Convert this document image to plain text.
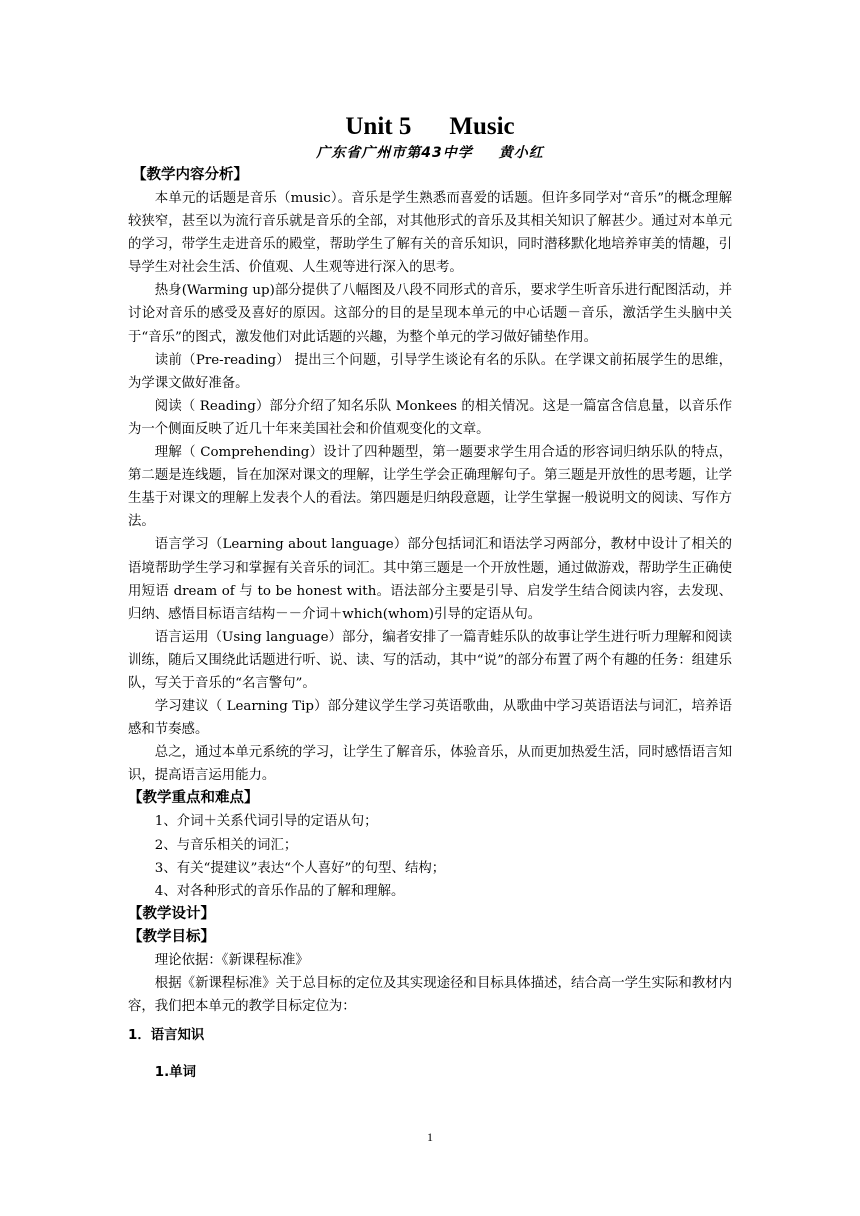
Unit 5 Music
广东省广州市第43中学 黄小红
【教学内容分析】

本单元的话题是音乐（music）。音乐是学生熟悉而喜爱的话题。但许多同学对“音乐”的概念理解较狭窄，甚至以为流行音乐就是音乐的全部，对其他形式的音乐及其相关知识了解甚少。通过对本单元的学习，带学生走进音乐的殿堂，帮助学生了解有关的音乐知识，同时潜移默化地培养审美的情趣，引导学生对社会生活、价值观、人生观等进行深入的思考。

热身(Warming up)部分提供了八幅图及八段不同形式的音乐，要求学生听音乐进行配图活动，并讨论对音乐的感受及喜好的原因。这部分的目的是呈现本单元的中心话题－音乐，激活学生头脑中关于“音乐”的图式，激发他们对此话题的兴趣，为整个单元的学习做好铺垫作用。

读前（Pre-reading） 提出三个问题，引导学生谈论有名的乐队。在学课文前拓展学生的思维，为学课文做好准备。

阅读（ Reading）部分介绍了知名乐队 Monkees 的相关情况。这是一篇富含信息量，以音乐作为一个侧面反映了近几十年来美国社会和价值观变化的文章。

理解（ Comprehending）设计了四种题型，第一题要求学生用合适的形容词归纳乐队的特点，第二题是连线题，旨在加深对课文的理解，让学生学会正确理解句子。第三题是开放性的思考题，让学生基于对课文的理解上发表个人的看法。第四题是归纳段意题，让学生掌握一般说明文的阅读、写作方法。

语言学习（Learning about language）部分包括词汇和语法学习两部分，教材中设计了相关的语境帮助学生学习和掌握有关音乐的词汇。其中第三题是一个开放性题，通过做游戏，帮助学生正确使用短语 dream of 与 to be honest with。语法部分主要是引导、启发学生结合阅读内容，去发现、归纳、感悟目标语言结构－－介词＋which(whom)引导的定语从句。

语言运用（Using language）部分，编者安排了一篇青蛙乐队的故事让学生进行听力理解和阅读训练，随后又围绕此话题进行听、说、读、写的活动，其中“说”的部分布置了两个有趣的任务：组建乐队，写关于音乐的“名言警句”。

学习建议（ Learning Tip）部分建议学生学习英语歌曲，从歌曲中学习英语语法与词汇，培养语感和节奏感。

总之，通过本单元系统的学习，让学生了解音乐，体验音乐，从而更加热爱生活，同时感悟语言知识，提高语言运用能力。

【教学重点和难点】

1、介词＋关系代词引导的定语从句；

2、与音乐相关的词汇；

3、有关“提建议”表达“个人喜好”的句型、结构；

4、对各种形式的音乐作品的了解和理解。

【教学设计】
【教学目标】

理论依据：《新课程标准》

根据《新课程标准》关于总目标的定位及其实现途径和目标具体描述，结合高一学生实际和教材内容，我们把本单元的教学目标定位为：

1．语言知识
1.单词
1
